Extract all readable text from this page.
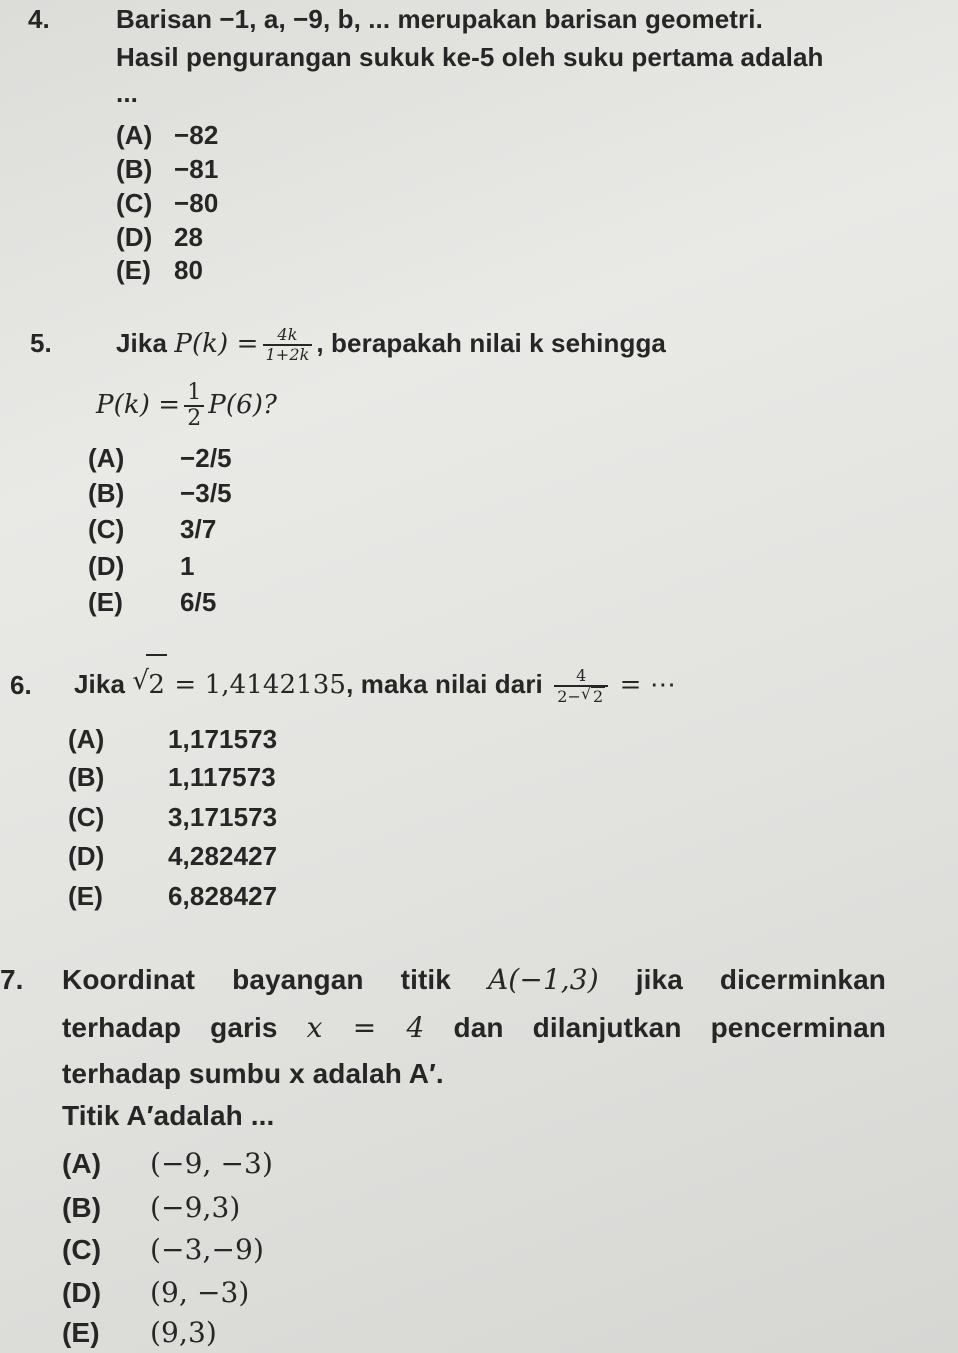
4.	Barisan −1, a, −9, b, ... merupakan barisan geometri.
Hasil pengurangan sukuk ke-5 oleh suku pertama adalah
...
(A) −82
(B) −81
(C) −80
(D) 28
(E) 80
5. Jika $P(k) = \frac{4k}{1+2k}$ , berapakah nilai k sehingga
$P(k) = \frac{1}{2} P(6)$?
(A) −2/5
(B) −3/5
(C) 3/7
(D) 1
(E) 6/5
6. Jika √ 2 = 1,4142135, maka nilai dari $\frac{4}{2- √ 2}$ = ⋯
(A) 1,171573
(B) 1,117573
(C) 3,171573
(D) 4,282427
(E)	6,828427
7. Koordinat bayangan titik A(−1,3) jika dicerminkan
terhadap garis x = 4 dan dilanjutkan pencerminan
terhadap sumbu x adalah A′.
Titik A′adalah ...
(A) (−9, −3)
(B) (−9,3)
(C) (−3,−9)
(D) (9, −3)
(E) (9,3)
